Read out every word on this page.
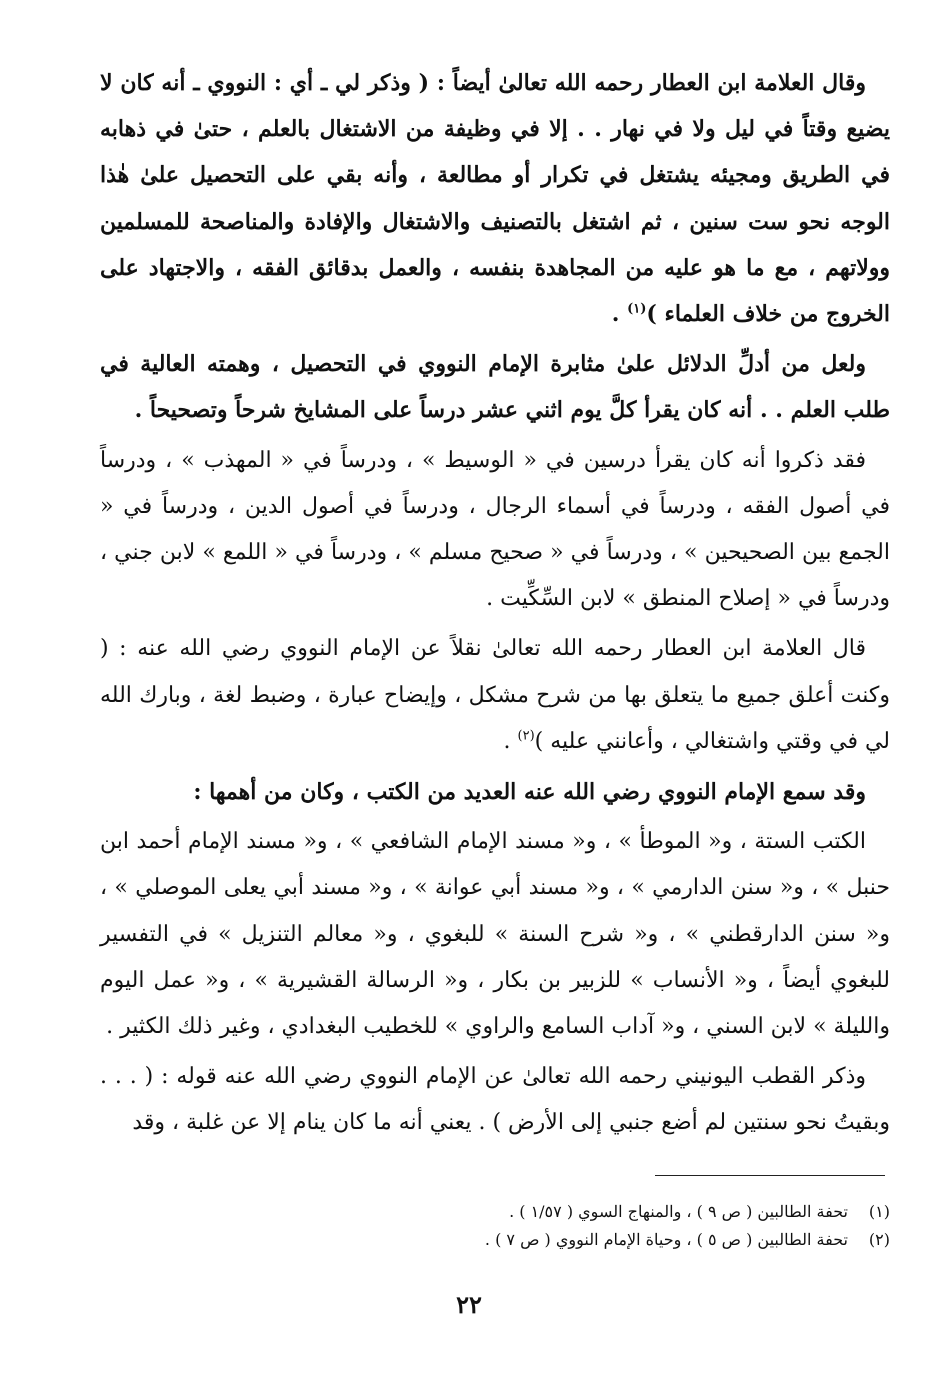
وقال العلامة ابن العطار رحمه الله تعالىٰ أيضاً : ( وذكر لي ـ أي : النووي ـ أنه كان لا يضيع وقتاً في ليل ولا في نهار . . إلا في وظيفة من الاشتغال بالعلم ، حتىٰ في ذهابه في الطريق ومجيئه يشتغل في تكرار أو مطالعة ، وأنه بقي على التحصيل علىٰ هٰذا الوجه نحو ست سنين ، ثم اشتغل بالتصنيف والاشتغال والإفادة والمناصحة للمسلمين وولاتهم ، مع ما هو عليه من المجاهدة بنفسه ، والعمل بدقائق الفقه ، والاجتهاد على الخروج من خلاف العلماء )$^{(١)}$ .

ولعل من أدلِّ الدلائل علىٰ مثابرة الإمام النووي في التحصيل ، وهمته العالية في طلب العلم . . أنه كان يقرأ كلَّ يوم اثني عشر درساً على المشايخ شرحاً وتصحيحاً .

فقد ذكروا أنه كان يقرأ درسين في « الوسيط » ، ودرساً في « المهذب » ، ودرساً في أصول الفقه ، ودرساً في أسماء الرجال ، ودرساً في أصول الدين ، ودرساً في « الجمع بين الصحيحين » ، ودرساً في « صحيح مسلم » ، ودرساً في « اللمع » لابن جني ، ودرساً في « إصلاح المنطق » لابن السِّكِّيت .

قال العلامة ابن العطار رحمه الله تعالىٰ نقلاً عن الإمام النووي رضي الله عنه : ( وكنت أعلق جميع ما يتعلق بها من شرح مشكل ، وإيضاح عبارة ، وضبط لغة ، وبارك الله لي في وقتي واشتغالي ، وأعانني عليه )$^{(٢)}$ .

وقد سمع الإمام النووي رضي الله عنه العديد من الكتب ، وكان من أهمها :

الكتب الستة ، و« الموطأ » ، و« مسند الإمام الشافعي » ، و« مسند الإمام أحمد ابن حنبل » ، و« سنن الدارمي » ، و« مسند أبي عوانة » ، و« مسند أبي يعلى الموصلي » ، و« سنن الدارقطني » ، و« شرح السنة » للبغوي ، و« معالم التنزيل » في التفسير للبغوي أيضاً ، و« الأنساب » للزبير بن بكار ، و« الرسالة القشيرية » ، و« عمل اليوم والليلة » لابن السني ، و« آداب السامع والراوي » للخطيب البغدادي ، وغير ذلك الكثير .

وذكر القطب اليونيني رحمه الله تعالىٰ عن الإمام النووي رضي الله عنه قوله : ( . . . وبقيتُ نحو سنتين لم أضع جنبي إلى الأرض ) . يعني أنه ما كان ينام إلا عن غلبة ، وقد

(١)تحفة الطالبين ( ص ٩ ) ، والمنهاج السوي ( ١/٥٧ ) .
(٢)تحفة الطالبين ( ص ٥ ) ، وحياة الإمام النووي ( ص ٧ ) .
٢٢
